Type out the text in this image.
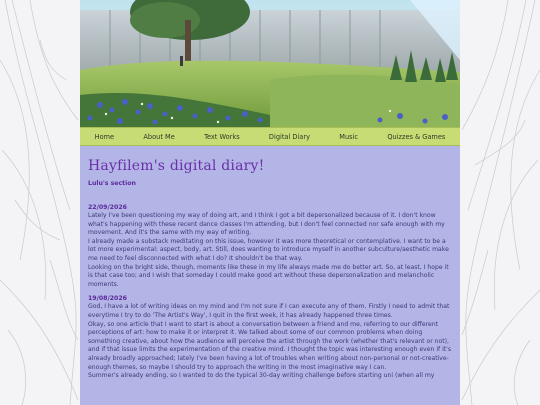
Home	About Me	Text Works	Digital Diary	Music	Quizzes & Games
Hayfilem's digital diary!
Lulu's section
22/09/2026

Lately I've been questioning my way of doing art, and I think I got a bit depersonalized because of it. I don't know what's happening with these recent dance classes I'm attending, but I don't feel connected nor safe enough with my movement. And it's the same with my way of writing.

I already made a substack meditating on this issue, however it was more theoretical or contemplative. I want to be a lot more experimental: aspect, body, art. Still, does wanting to introduce myself in another subculture/aesthetic make me need to feel disconnected with what I do? It shouldn't be that way.

Looking on the bright side, though, moments like these in my life always made me do better art. So, at least, I hope it is that case too; and I wish that someday I could make good art without these depersonalization and melancholic moments.

19/08/2026

God, I have a lot of writing ideas on my mind and I'm not sure if I can execute any of them. Firstly I need to admit that everytime I try to do 'The Artist's Way', I quit in the first week, it has already happened three times.

Okay, so one article that I want to start is about a conversation between a friend and me, referring to our different perceptions of art: how to make it or interpret it. We talked about some of our common problems when doing something creative, about how the audience will perceive the artist through the work (whether that's relevant or not), and if that issue limits the experimentation of the creative mind. I thought the topic was interesting enough even if it's already broadly approached; lately I've been having a lot of troubles when writing about non-personal or not-creative-enough themes, so maybe I should try to approach the writing in the most imaginative way I can.

Summer's already ending, so I wanted to do the typical 30-day writing challenge before starting uni (when all my
